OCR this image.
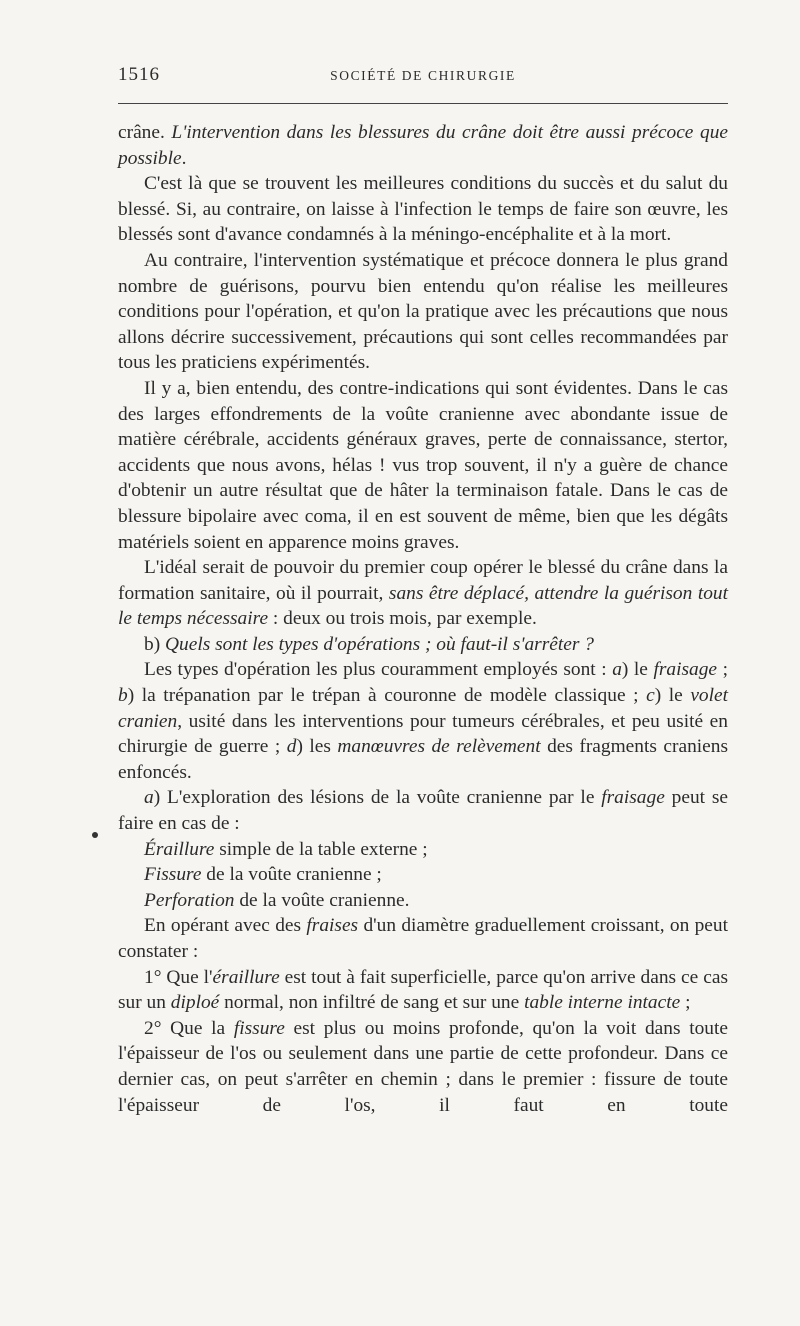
1516	SOCIÉTÉ DE CHIRURGIE

crâne. L'intervention dans les blessures du crâne doit être aussi précoce que possible.

C'est là que se trouvent les meilleures conditions du succès et du salut du blessé. Si, au contraire, on laisse à l'infection le temps de faire son œuvre, les blessés sont d'avance condamnés à la méningo-encéphalite et à la mort.

Au contraire, l'intervention systématique et précoce donnera le plus grand nombre de guérisons, pourvu bien entendu qu'on réalise les meilleures conditions pour l'opération, et qu'on la pratique avec les précautions que nous allons décrire successivement, précautions qui sont celles recommandées par tous les praticiens expérimentés.

Il y a, bien entendu, des contre-indications qui sont évidentes. Dans le cas des larges effondrements de la voûte cranienne avec abondante issue de matière cérébrale, accidents généraux graves, perte de connaissance, stertor, accidents que nous avons, hélas ! vus trop souvent, il n'y a guère de chance d'obtenir un autre résultat que de hâter la terminaison fatale. Dans le cas de blessure bipolaire avec coma, il en est souvent de même, bien que les dégâts matériels soient en apparence moins graves.

L'idéal serait de pouvoir du premier coup opérer le blessé du crâne dans la formation sanitaire, où il pourrait, sans être déplacé, attendre la guérison tout le temps nécessaire : deux ou trois mois, par exemple.

b) Quels sont les types d'opérations ; où faut-il s'arrêter ?

Les types d'opération les plus couramment employés sont : a) le fraisage ; b) la trépanation par le trépan à couronne de modèle classique ; c) le volet cranien, usité dans les interventions pour tumeurs cérébrales, et peu usité en chirurgie de guerre ; d) les manœuvres de relèvement des fragments craniens enfoncés.

a) L'exploration des lésions de la voûte cranienne par le fraisage peut se faire en cas de :

Éraillure simple de la table externe ;

Fissure de la voûte cranienne ;

Perforation de la voûte cranienne.

En opérant avec des fraises d'un diamètre graduellement croissant, on peut constater :

1° Que l'éraillure est tout à fait superficielle, parce qu'on arrive dans ce cas sur un diploé normal, non infiltré de sang et sur une table interne intacte ;

2° Que la fissure est plus ou moins profonde, qu'on la voit dans toute l'épaisseur de l'os ou seulement dans une partie de cette profondeur. Dans ce dernier cas, on peut s'arrêter en chemin ; dans le premier : fissure de toute l'épaisseur de l'os, il faut en toute
